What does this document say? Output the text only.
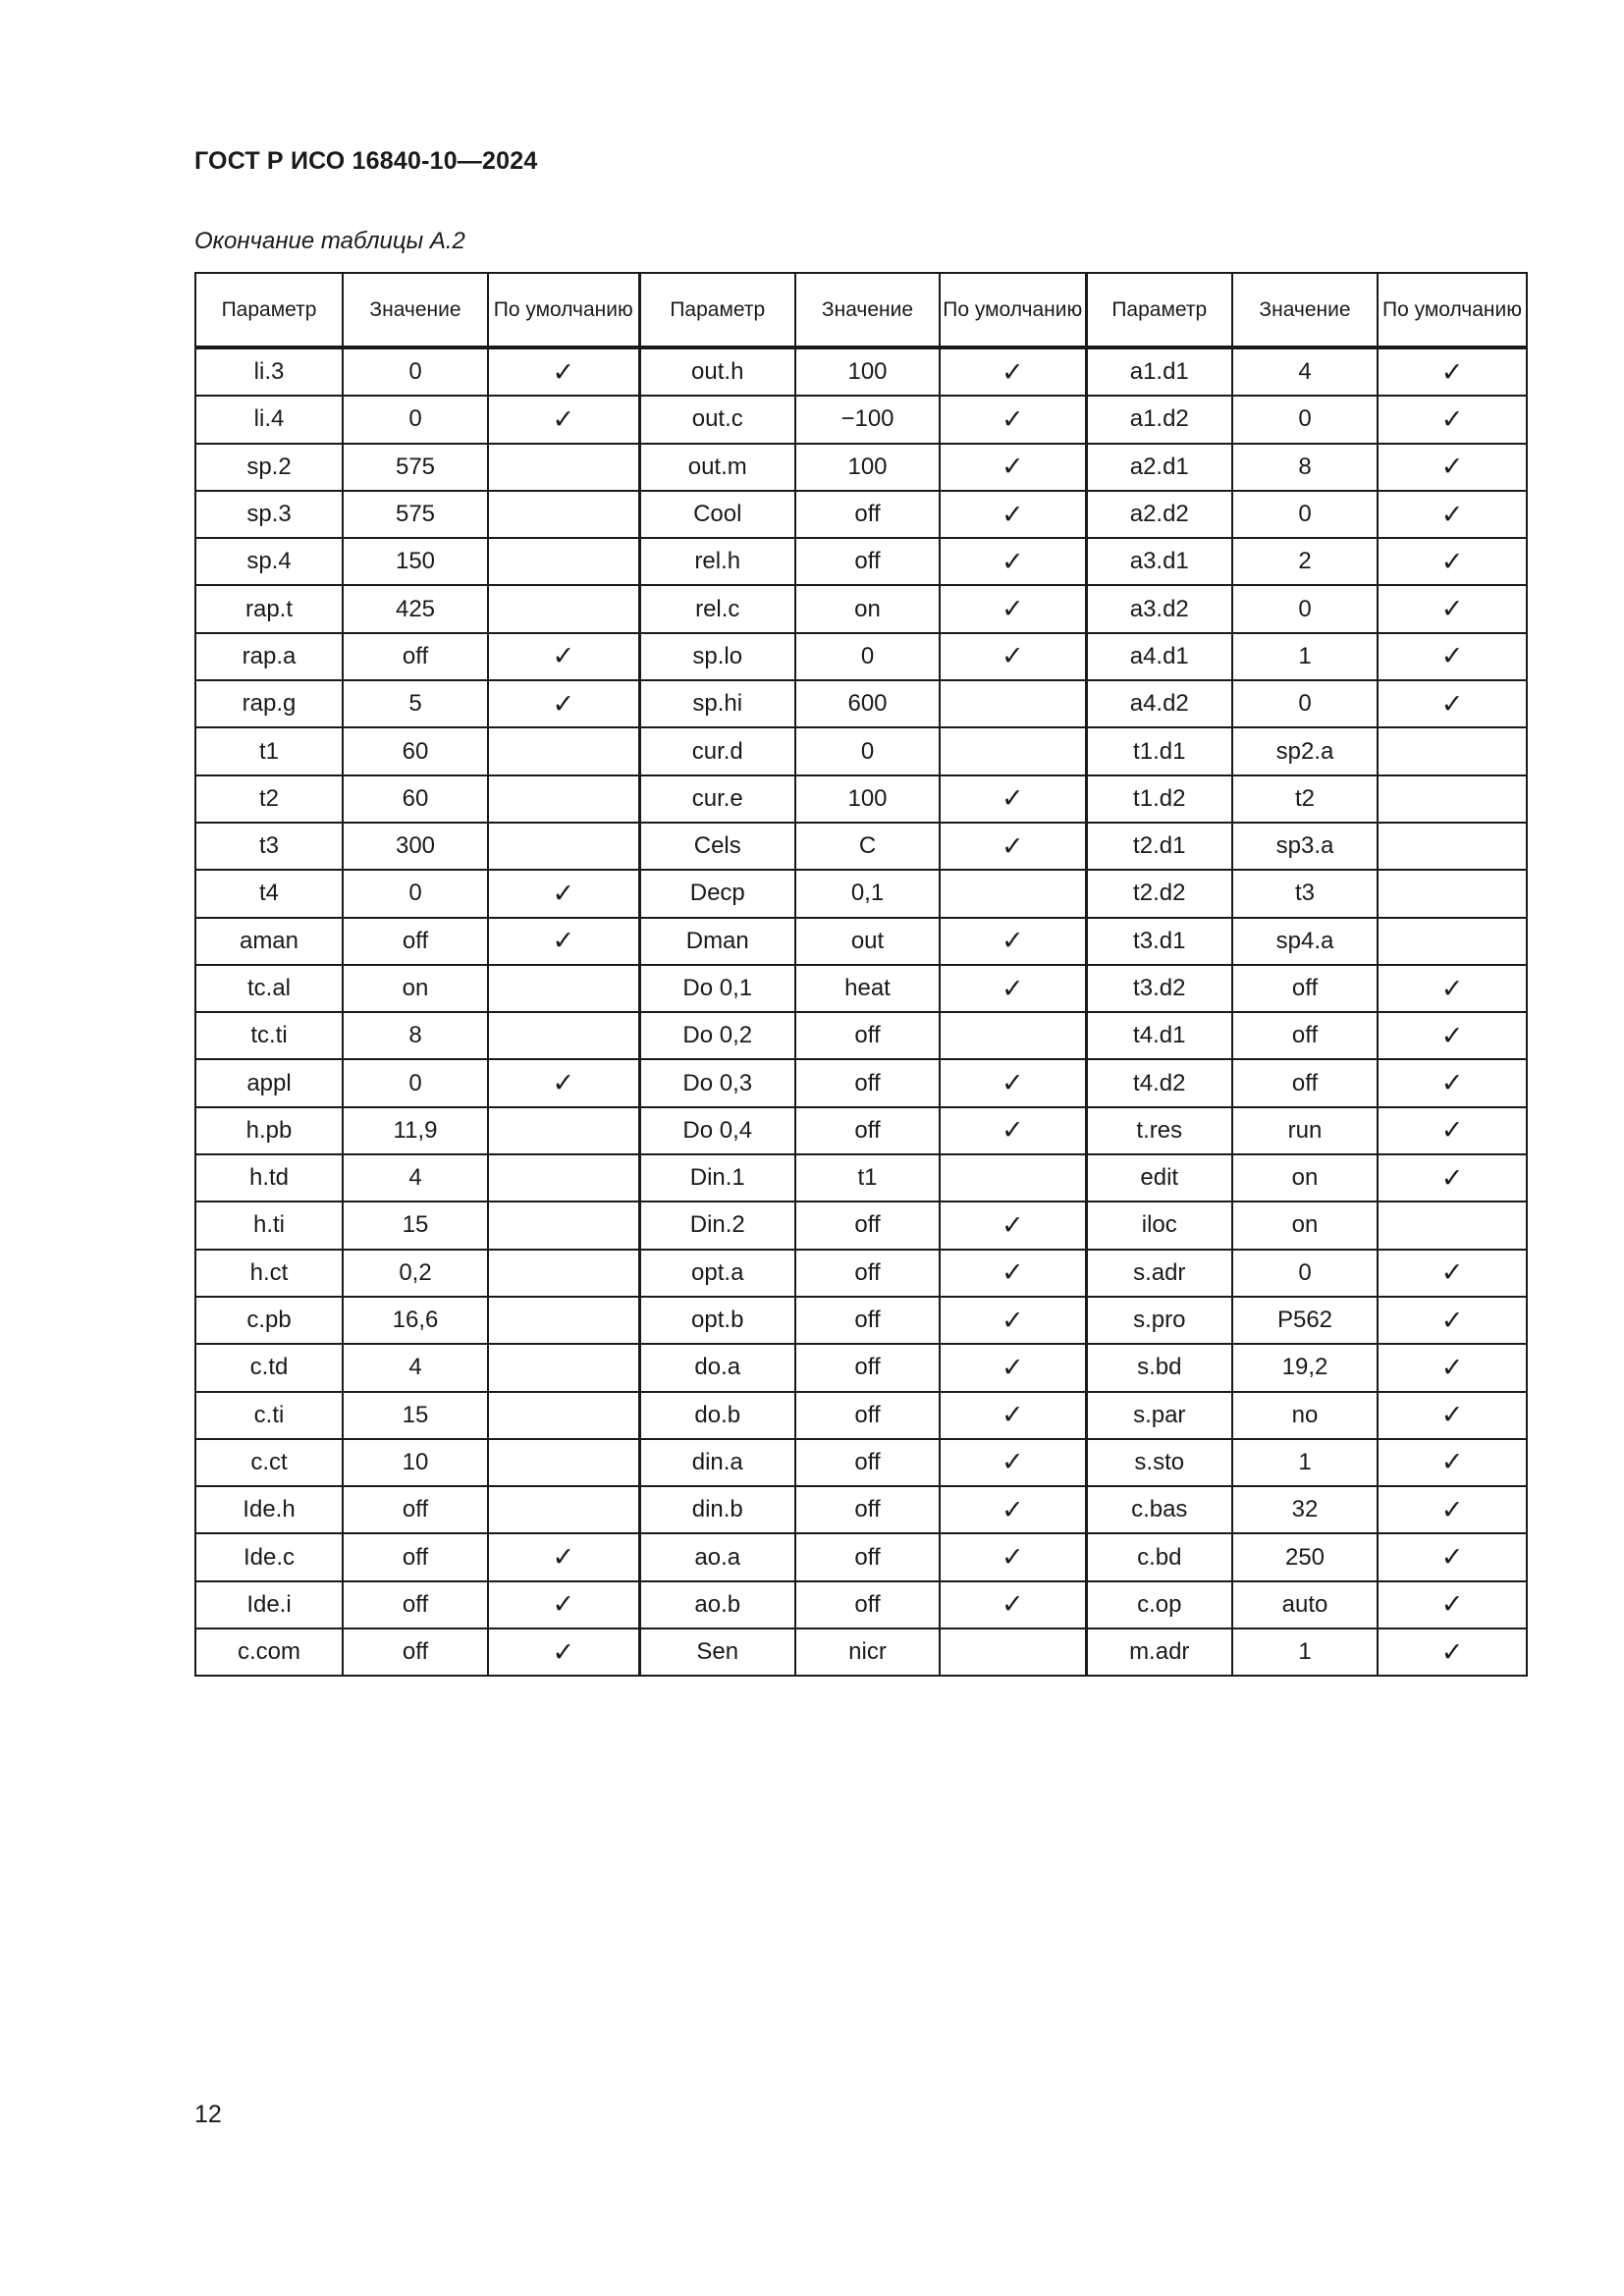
ГОСТ Р ИСО 16840-10—2024
Окончание таблицы А.2
Параметр	Значение	По умолчанию	Параметр	Значение	По умолчанию	Параметр	Значение	По умолчанию
li.3	0	✓	out.h	100	✓	a1.d1	4	✓
li.4	0	✓	out.c	−100	✓	a1.d2	0	✓
sp.2	575		out.m	100	✓	a2.d1	8	✓
sp.3	575		Cool	off	✓	a2.d2	0	✓
sp.4	150		rel.h	off	✓	a3.d1	2	✓
rap.t	425		rel.c	on	✓	a3.d2	0	✓
rap.a	off	✓	sp.lo	0	✓	a4.d1	1	✓
rap.g	5	✓	sp.hi	600		a4.d2	0	✓
t1	60		cur.d	0		t1.d1	sp2.a	
t2	60		cur.e	100	✓	t1.d2	t2	
t3	300		Cels	C	✓	t2.d1	sp3.a	
t4	0	✓	Decp	0,1		t2.d2	t3	
aman	off	✓	Dman	out	✓	t3.d1	sp4.a	
tc.al	on		Do 0,1	heat	✓	t3.d2	off	✓
tc.ti	8		Do 0,2	off		t4.d1	off	✓
appl	0	✓	Do 0,3	off	✓	t4.d2	off	✓
h.pb	11,9		Do 0,4	off	✓	t.res	run	✓
h.td	4		Din.1	t1		edit	on	✓
h.ti	15		Din.2	off	✓	iloc	on	
h.ct	0,2		opt.a	off	✓	s.adr	0	✓
c.pb	16,6		opt.b	off	✓	s.pro	P562	✓
c.td	4		do.a	off	✓	s.bd	19,2	✓
c.ti	15		do.b	off	✓	s.par	no	✓
c.ct	10		din.a	off	✓	s.sto	1	✓
Ide.h	off		din.b	off	✓	c.bas	32	✓
Ide.c	off	✓	ao.a	off	✓	c.bd	250	✓
Ide.i	off	✓	ao.b	off	✓	c.op	auto	✓
c.com	off	✓	Sen	nicr		m.adr	1	✓
12
